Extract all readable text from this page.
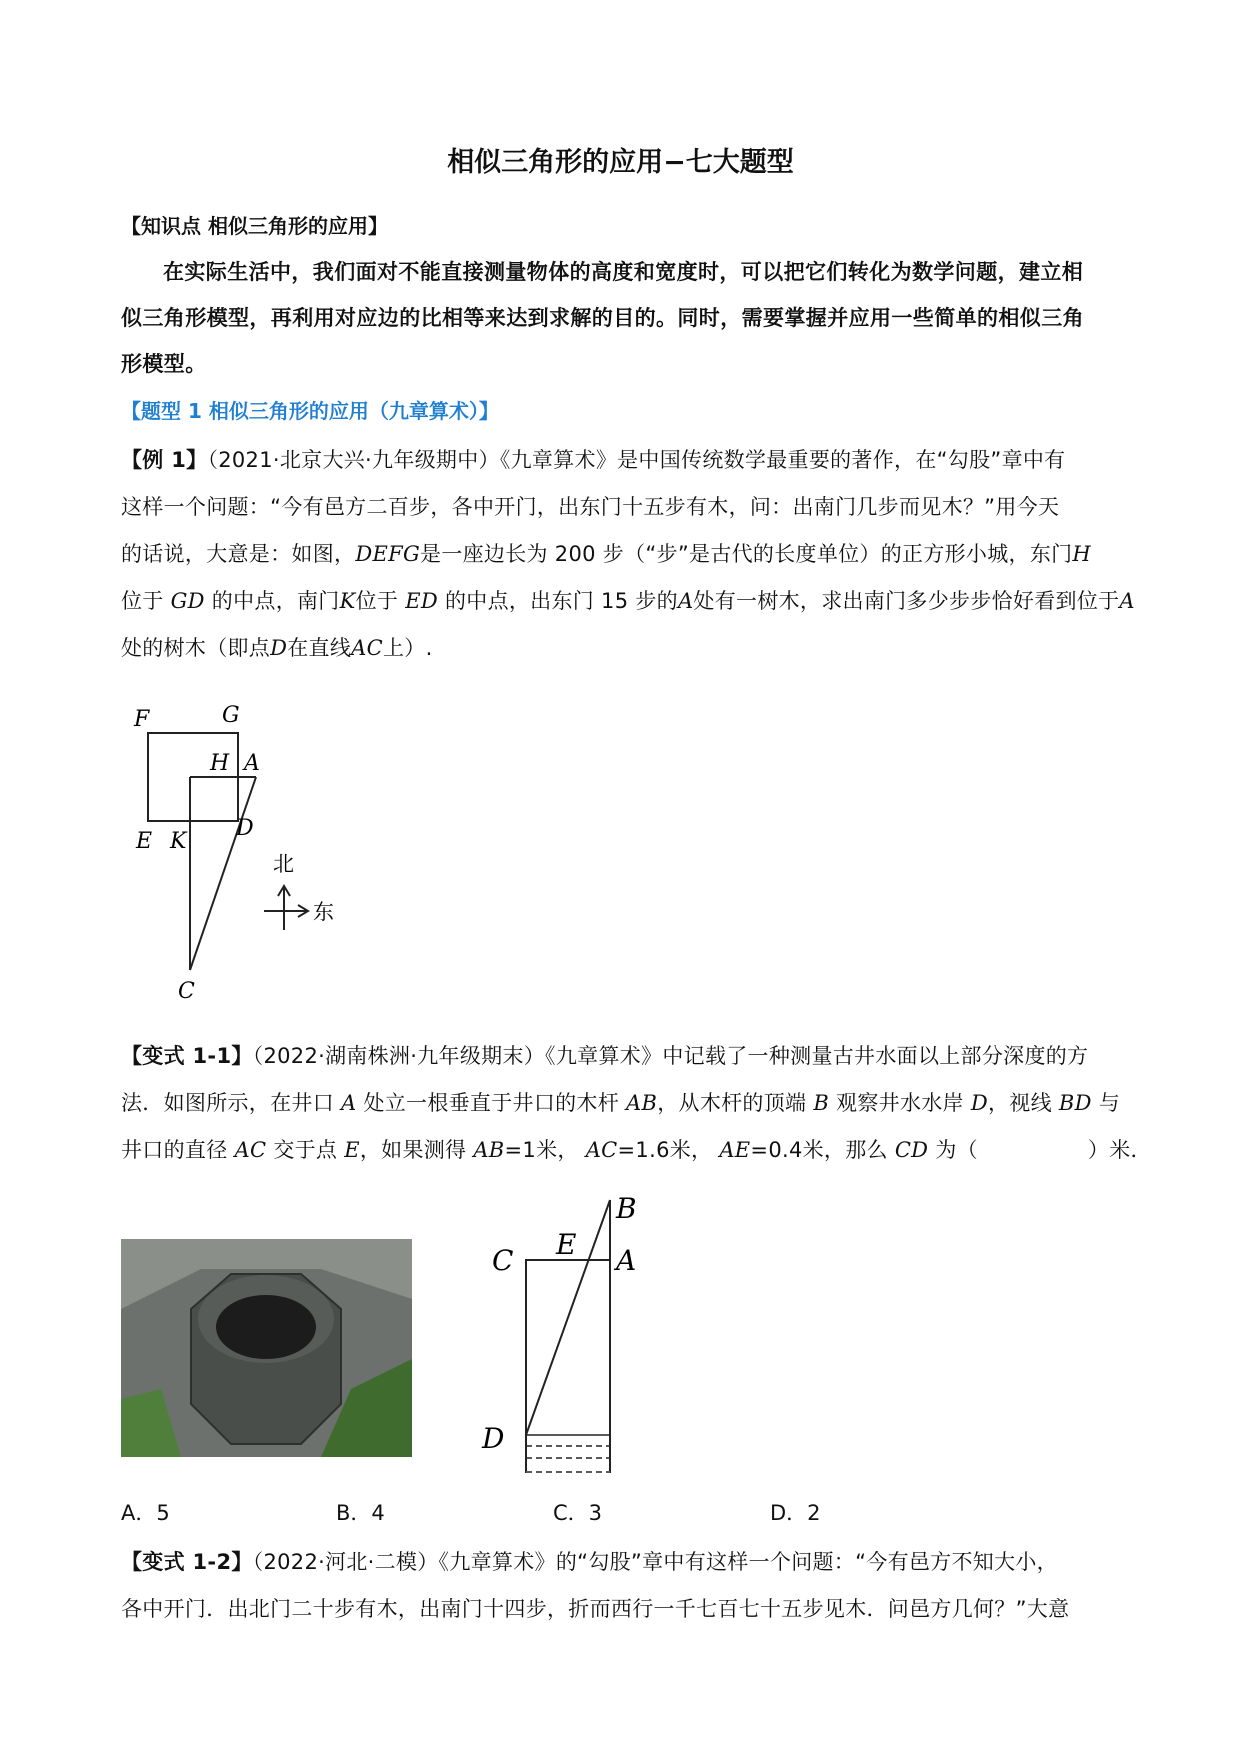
相似三角形的应用−七大题型
【知识点 相似三角形的应用】
在实际生活中，我们面对不能直接测量物体的高度和宽度时，可以把它们转化为数学问题，建立相
似三角形模型，再利用对应边的比相等来达到求解的目的。同时，需要掌握并应用一些简单的相似三角
形模型。
【题型 1 相似三角形的应用（九章算术）】
【例 1】（2021·北京大兴·九年级期中）《九章算术》是中国传统数学最重要的著作，在“勾股”章中有
这样一个问题：“今有邑方二百步，各中开门，出东门十五步有木，问：出南门几步而见木？”用今天
的话说，大意是：如图，DEFG是一座边长为 200 步（“步”是古代的长度单位）的正方形小城，东门H
位于 GD 的中点，南门K位于 ED 的中点，出东门 15 步的A处有一树木，求出南门多少步步恰好看到位于A
处的树木（即点D在直线AC上）.
F	G
H A
E K
D
C
北
东
【变式 1-1】（2022·湖南株洲·九年级期末）《九章算术》中记载了一种测量古井水面以上部分深度的方
法．如图所示，在井口 A 处立一根垂直于井口的木杆 AB，从木杆的顶端 B 观察井水水岸 D，视线 BD 与
井口的直径 AC 交于点 E，如果测得 AB=1米， AC=1.6米， AE=0.4米，那么 CD 为（	）米．
B
C E A
D
A．5	B．4	C．3	D．2
【变式 1-2】（2022·河北·二模）《九章算术》的“勾股”章中有这样一个问题：“今有邑方不知大小，
各中开门．出北门二十步有木，出南门十四步，折而西行一千七百七十五步见木．问邑方几何？”大意
